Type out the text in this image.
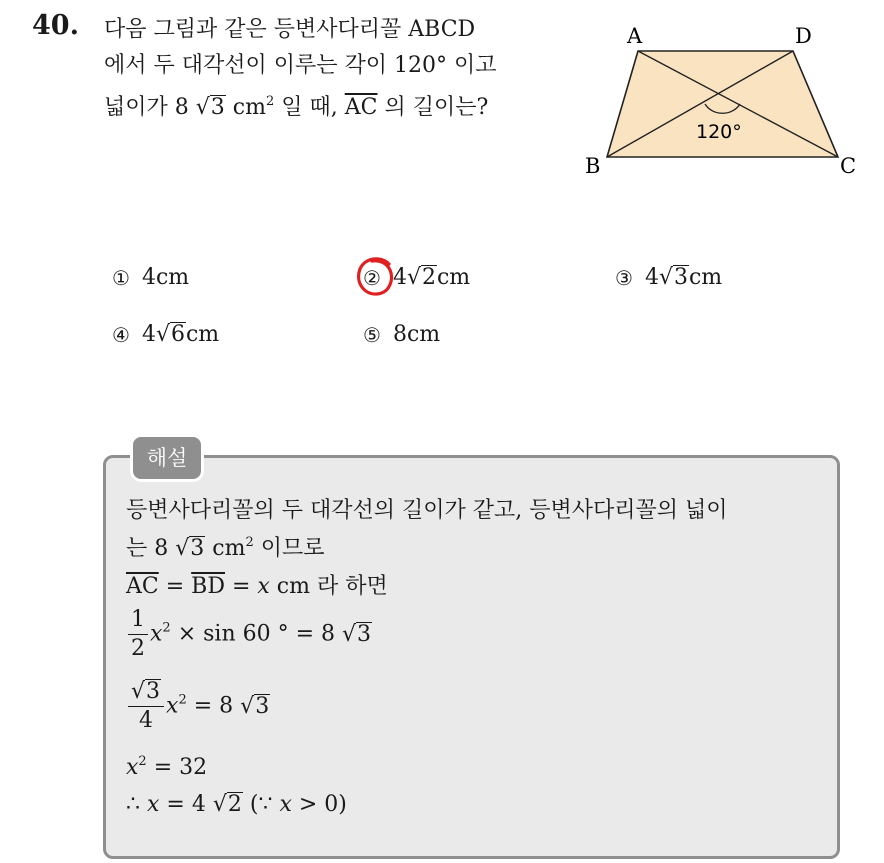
40. 다음 그림과 같은 등변사다리꼴 ABCD
에서 두 대각선이 이루는 각이 120° 이고
넓이가 8 √3 $cm^2$ 일 때, $\overline{AC}$ 의 길이는?
A	D
B	C
120°
① 4 cm	② 4 √2 cm	③ 4 √3 cm
④ 4 √6 cm	⑤ 8 cm
해설
등변사다리꼴의 두 대각선의 길이가 같고, 등변사다리꼴의 넓이
는 8 √3 $cm^2$ 이므로
$\overline{AC} = \overline{BD} = x$ cm 라 하면
$\frac{1}{2} x^2 \times \sin 60$ ° = 8 √3
$\frac{√3}{4} x^2 = 8$ √3
$x^2 = 32$
∴ x = 4 √2 (∵ x > 0)
